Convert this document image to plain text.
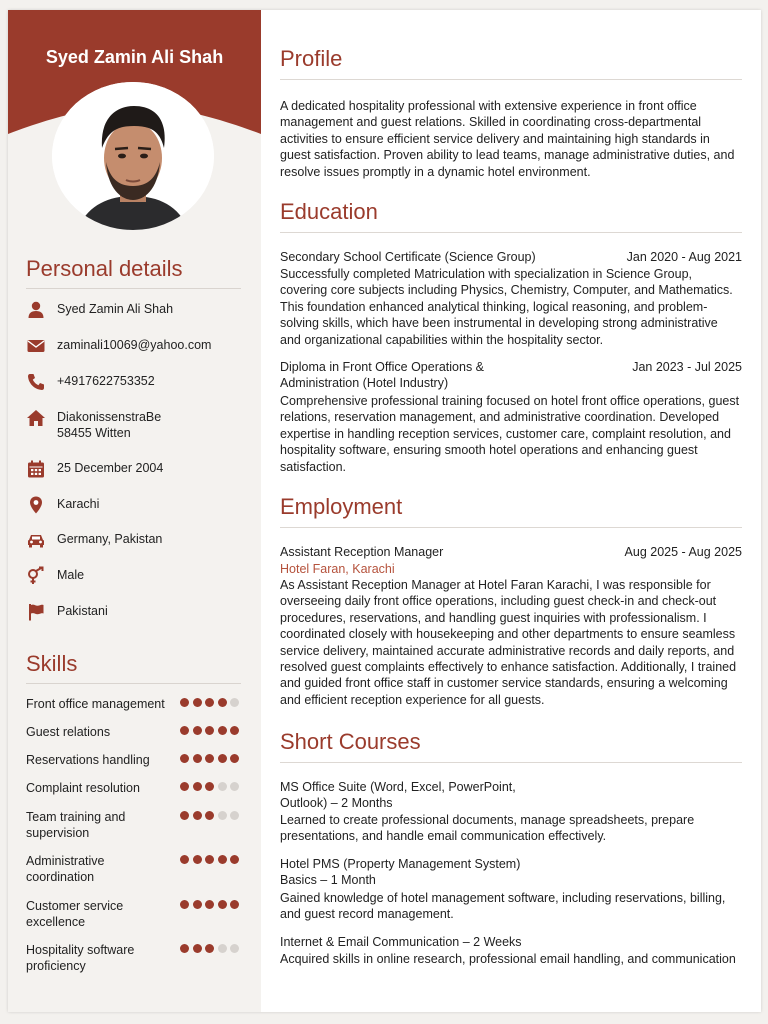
Syed Zamin Ali Shah
Personal details
Syed Zamin Ali Shah
zaminali10069@yahoo.com
+4917622753352
DiakonissenstraBe
58455 Witten
25 December 2004
Karachi
Germany, Pakistan
Male
Pakistani
Skills
Front office management
Guest relations
Reservations handling
Complaint resolution
Team training and supervision
Administrative coordination
Customer service excellence
Hospitality software proficiency
Profile
A dedicated hospitality professional with extensive experience in front office management and guest relations. Skilled in coordinating cross-departmental activities to ensure efficient service delivery and maintaining high standards in guest satisfaction. Proven ability to lead teams, manage administrative duties, and resolve issues promptly in a dynamic hotel environment.
Education
Secondary School Certificate (Science Group)	Jan 2020 - Aug 2021
Successfully completed Matriculation with specialization in Science Group, covering core subjects including Physics, Chemistry, Computer, and Mathematics. This foundation enhanced analytical thinking, logical reasoning, and problem-solving skills, which have been instrumental in developing strong administrative and organizational capabilities within the hospitality sector.
Diploma in Front Office Operations & Administration (Hotel Industry)
Jan 2023 - Jul 2025
Comprehensive professional training focused on hotel front office operations, guest relations, reservation management, and administrative coordination. Developed expertise in handling reception services, customer care, complaint resolution, and hospitality software, ensuring smooth hotel operations and enhancing guest satisfaction.
Employment
Assistant Reception Manager	Aug 2025 - Aug 2025
Hotel Faran, Karachi
As Assistant Reception Manager at Hotel Faran Karachi, I was responsible for overseeing daily front office operations, including guest check-in and check-out procedures, reservations, and handling guest inquiries with professionalism. I coordinated closely with housekeeping and other departments to ensure seamless service delivery, maintained accurate administrative records and daily reports, and resolved guest complaints effectively to enhance satisfaction. Additionally, I trained and guided front office staff in customer service standards, ensuring a welcoming and efficient reception experience for all guests.
Short Courses
MS Office Suite (Word, Excel, PowerPoint, Outlook) – 2 Months
Learned to create professional documents, manage spreadsheets, prepare presentations, and handle email communication effectively.
Hotel PMS (Property Management System) Basics – 1 Month
Gained knowledge of hotel management software, including reservations, billing, and guest record management.
Internet & Email Communication – 2 Weeks
Acquired skills in online research, professional email handling, and communication
